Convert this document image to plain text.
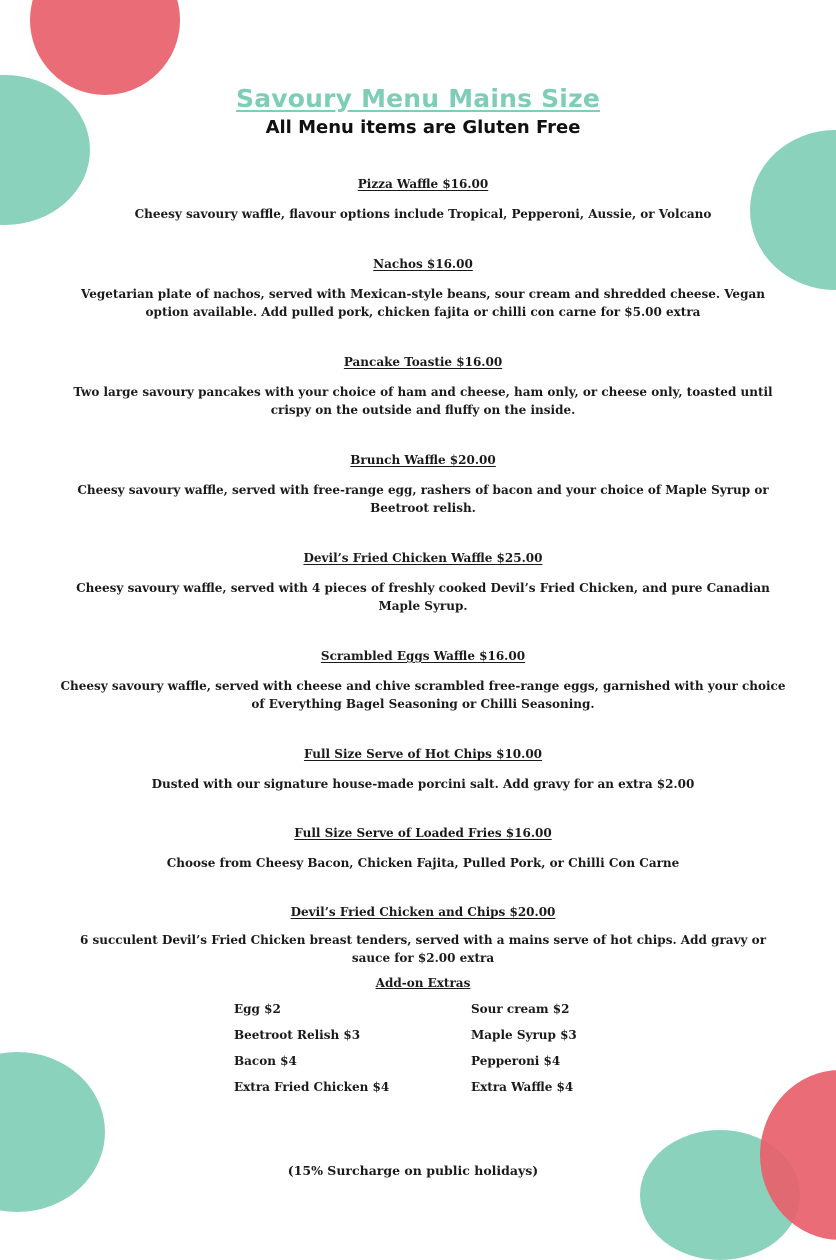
Savoury Menu Mains Size
All Menu items are Gluten Free

Pizza Waffle $16.00

Cheesy savoury waffle, flavour options include Tropical, Pepperoni, Aussie, or Volcano

Nachos $16.00

Vegetarian plate of nachos, served with Mexican-style beans, sour cream and shredded cheese. Vegan option available. Add pulled pork, chicken fajita or chilli con carne for $5.00 extra

Pancake Toastie $16.00

Two large savoury pancakes with your choice of ham and cheese, ham only, or cheese only, toasted until crispy on the outside and fluffy on the inside.

Brunch Waffle $20.00

Cheesy savoury waffle, served with free-range egg, rashers of bacon and your choice of Maple Syrup or Beetroot relish.

Devil’s Fried Chicken Waffle $25.00

Cheesy savoury waffle, served with 4 pieces of freshly cooked Devil’s Fried Chicken, and pure Canadian Maple Syrup.

Scrambled Eggs Waffle $16.00

Cheesy savoury waffle, served with cheese and chive scrambled free-range eggs, garnished with your choice of Everything Bagel Seasoning or Chilli Seasoning.

Full Size Serve of Hot Chips $10.00

Dusted with our signature house-made porcini salt. Add gravy for an extra $2.00

Full Size Serve of Loaded Fries $16.00

Choose from Cheesy Bacon, Chicken Fajita, Pulled Pork, or Chilli Con Carne

Devil’s Fried Chicken and Chips $20.00

6 succulent Devil’s Fried Chicken breast tenders, served with a mains serve of hot chips. Add gravy or sauce for $2.00 extra

Add-on Extras
Egg $2
Beetroot Relish $3
Bacon $4
Extra Fried Chicken $4
Sour cream $2
Maple Syrup $3
Pepperoni $4
Extra Waffle $4
(15% Surcharge on public holidays)
